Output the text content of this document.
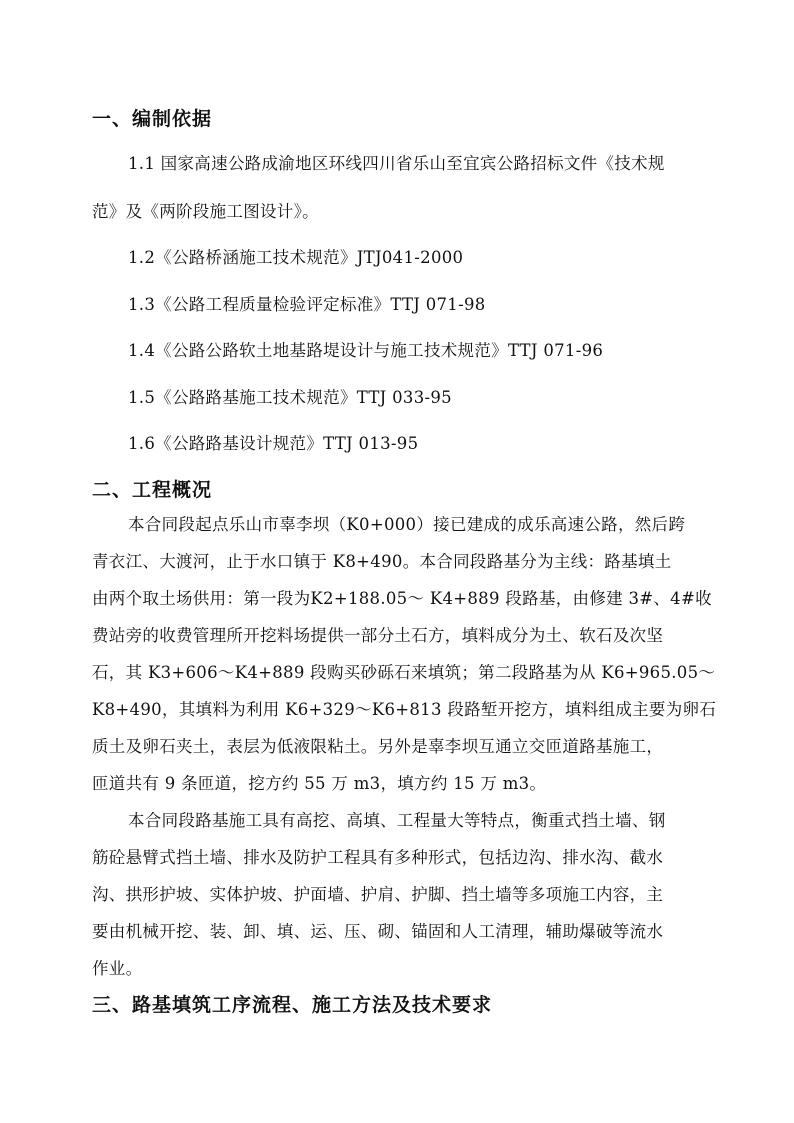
一、编制依据
1.1 国家高速公路成渝地区环线四川省乐山至宜宾公路招标文件《技术规
范》及《两阶段施工图设计》。
1.2《公路桥涵施工技术规范》JTJ041-2000
1.3《公路工程质量检验评定标准》TTJ 071-98
1.4《公路公路软土地基路堤设计与施工技术规范》TTJ 071-96
1.5《公路路基施工技术规范》TTJ 033-95
1.6《公路路基设计规范》TTJ 013-95
二、工程概况
本合同段起点乐山市辜李坝（K0+000）接已建成的成乐高速公路，然后跨
青衣江、大渡河，止于水口镇于 K8+490。本合同段路基分为主线：路基填土
由两个取土场供用：第一段为K2+188.05～ K4+889 段路基，由修建 3#、4#收
费站旁的收费管理所开挖料场提供一部分土石方，填料成分为土、软石及次坚
石，其 K3+606～K4+889 段购买砂砾石来填筑；第二段路基为从 K6+965.05～
K8+490，其填料为利用 K6+329～K6+813 段路堑开挖方，填料组成主要为卵石
质土及卵石夹土，表层为低液限粘土。另外是辜李坝互通立交匝道路基施工，
匝道共有 9 条匝道，挖方约 55 万 m3，填方约 15 万 m3。
本合同段路基施工具有高挖、高填、工程量大等特点，衡重式挡土墙、钢
筋砼悬臂式挡土墙、排水及防护工程具有多种形式，包括边沟、排水沟、截水
沟、拱形护坡、实体护坡、护面墙、护肩、护脚、挡土墙等多项施工内容，主
要由机械开挖、装、卸、填、运、压、砌、锚固和人工清理，辅助爆破等流水
作业。
三、路基填筑工序流程、施工方法及技术要求
